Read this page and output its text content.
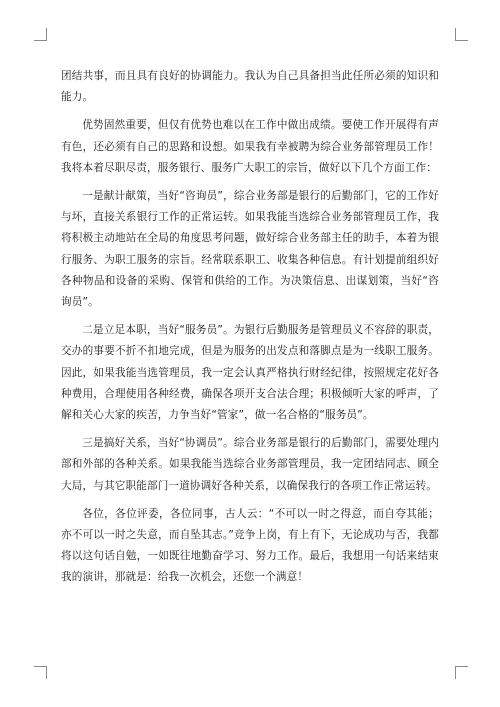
团结共事，而且具有良好的协调能力。我认为自己具备担当此任所必须的知识和能力。

优势固然重要，但仅有优势也难以在工作中做出成绩。要使工作开展得有声有色，还必须有自己的思路和设想。如果我有幸被聘为综合业务部管理员工作！我将本着尽职尽责，服务银行、服务广大职工的宗旨，做好以下几个方面工作：

一是献计献策，当好“咨询员”，综合业务部是银行的后勤部门，它的工作好与坏，直接关系银行工作的正常运转。如果我能当选综合业务部管理员工作，我将积极主动地站在全局的角度思考问题，做好综合业务部主任的助手，本着为银行服务、为职工服务的宗旨。经常联系职工、收集各种信息。有计划提前组织好各种物品和设备的采购、保管和供给的工作。为决策信息、出谋划策，当好“咨询员”。

二是立足本职，当好“服务员”。为银行后勤服务是管理员义不容辞的职责，交办的事要不折不扣地完成，但是为服务的出发点和落脚点是为一线职工服务。因此，如果我能当选管理员，我一定会认真严格执行财经纪律，按照规定花好各种费用，合理使用各种经费，确保各项开支合法合理；积极倾听大家的呼声，了解和关心大家的疾苦，力争当好“管家”，做一名合格的“服务员”。

三是搞好关系，当好“协调员”。综合业务部是银行的后勤部门，需要处理内部和外部的各种关系。如果我能当选综合业务部管理员，我一定团结同志、顾全大局，与其它职能部门一道协调好各种关系，以确保我行的各项工作正常运转。

各位，各位评委，各位同事，古人云：“不可以一时之得意，而自夸其能；亦不可以一时之失意，而自坠其志。”竞争上岗，有上有下，无论成功与否，我都将以这句话自勉，一如既往地勤奋学习、努力工作。最后，我想用一句话来结束我的演讲，那就是：给我一次机会，还您一个满意！
